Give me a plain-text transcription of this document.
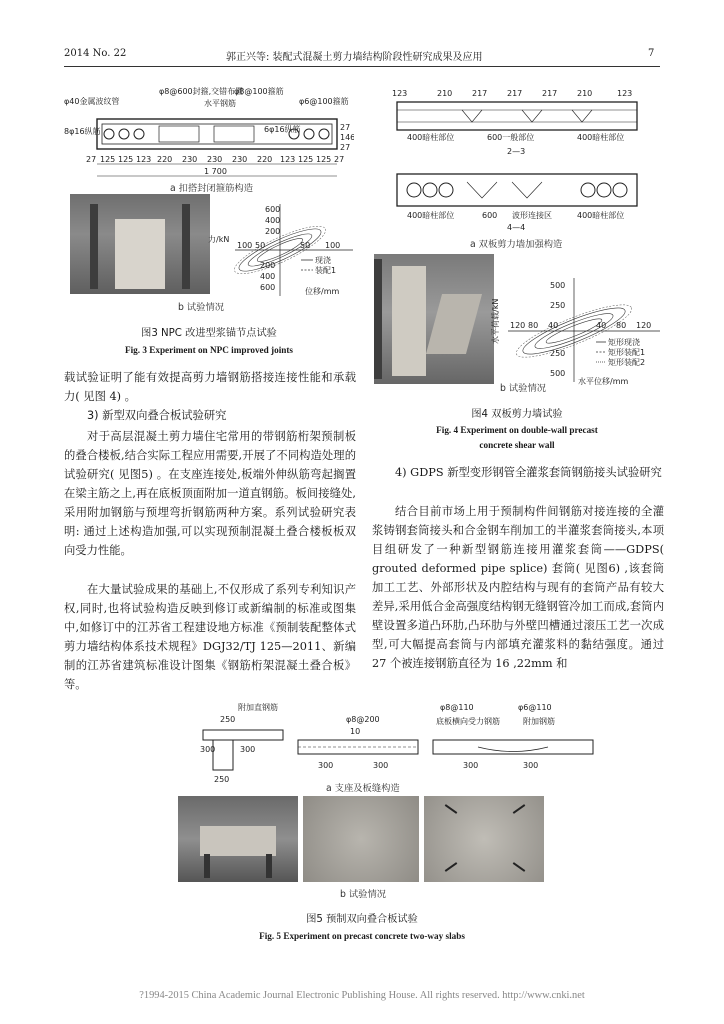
2014 No. 22	郭正兴等: 装配式混凝土剪力墙结构阶段性研究成果及应用	7
φ40金属波纹管
φ8@600封箍,交错布置
水平钢筋
φ8@100箍筋
φ6@100箍筋
8φ16纵筋	6φ16纵筋	27
146
27
27 125 125 123 220 230 230 230 220 123 125 125 27
1 700
a 扣搭封闭箍筋构造
600
400
200
100 50	50 100
200
400
600
力/kN
位移/mm
现浇
装配1
b 试验情况
图3 NPC 改进型浆锚节点试验
Fig. 3 Experiment on NPC improved joints

载试验证明了能有效提高剪力墙钢筋搭接连接性能和承载力( 见图 4) 。

3) 新型双向叠合板试验研究

对于高层混凝土剪力墙住宅常用的带钢筋桁架预制板的叠合楼板,结合实际工程应用需要,开展了不同构造处理的试验研究( 见图5) 。在支座连接处,板端外伸纵筋弯起搁置在梁主筋之上,再在底板顶面附加一道直钢筋。板间接缝处,采用附加钢筋与预埋弯折钢筋两种方案。系列试验研究表明: 通过上述构造加强,可以实现预制混凝土叠合楼板板双向受力性能。

在大量试验成果的基础上,不仅形成了系列专利知识产权,同时,也将试验构造反映到修订或新编制的标准或图集中,如修订中的江苏省工程建设地方标准《预制装配整体式剪力墙结构体系技术规程》DGJ32/TJ 125—2011、新编制的江苏省建筑标准设计图集《钢筋桁架混凝土叠合板》等。

123	210 217 217 217 210	123
400暗柱部位	600一般部位	400暗柱部位
2—3
400暗柱部位	600 波形连接区	400暗柱部位
4—4
a 双板剪力墙加强构造
500
250
250
500
120 80 40	40 80 120
水平荷载/kN
水平位移/mm
矩形现浇
矩形装配1
矩形装配2
b 试验情况
图4 双板剪力墙试验
Fig. 4 Experiment on double-wall precast
concrete shear wall

4) GDPS 新型变形钢管全灌浆套筒钢筋接头试验研究

结合目前市场上用于预制构件间钢筋对接连接的全灌浆铸钢套筒接头和合金钢车削加工的半灌浆套筒接头,本项目组研发了一种新型钢筋连接用灌浆套筒——GDPS( grouted deformed pipe splice) 套筒( 见图6) ,该套筒加工工艺、外部形状及内腔结构与现有的套筒产品有较大差异,采用低合金高强度结构钢无缝钢管冷加工而成,套筒内壁设置多道凸环肋,凸环肋与外壁凹槽通过滚压工艺一次成型,可大幅提高套筒与内部填充灌浆料的黏结强度。通过 27 个被连接钢筋直径为 16 ,22mm 和

附加直钢筋
250
300	300
250
φ8@200
10
300	300
φ8@110	φ6@110
底板横向受力钢筋	附加钢筋
300	300
a 支座及板缝构造
b 试验情况
图5 预制双向叠合板试验
Fig. 5 Experiment on precast concrete two-way slabs
?1994-2015 China Academic Journal Electronic Publishing House. All rights reserved. http://www.cnki.net
